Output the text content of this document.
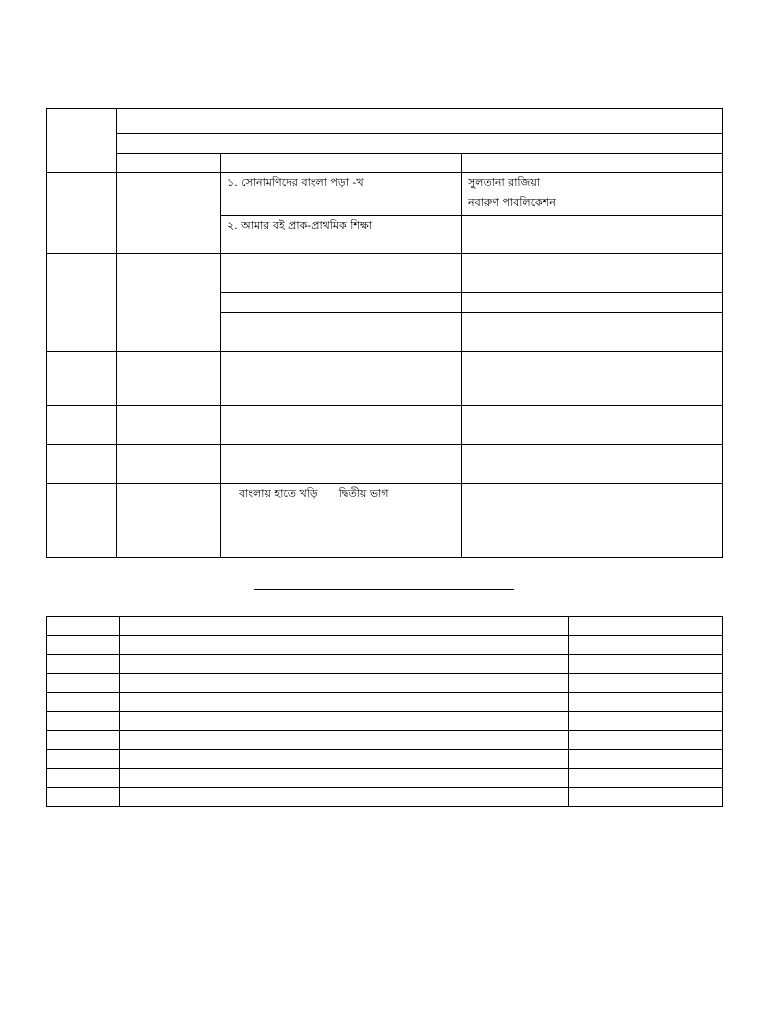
		১. সোনামণিদের বাংলা পড়া -খ	সুলতানা রাজিয়া
নবারুণ পাবলিকেশন

		২. আমার বই প্রাক-প্রাথমিক শিক্ষা	

		বাংলায় হাতে খড়ি      দ্বিতীয় ভাগ	
